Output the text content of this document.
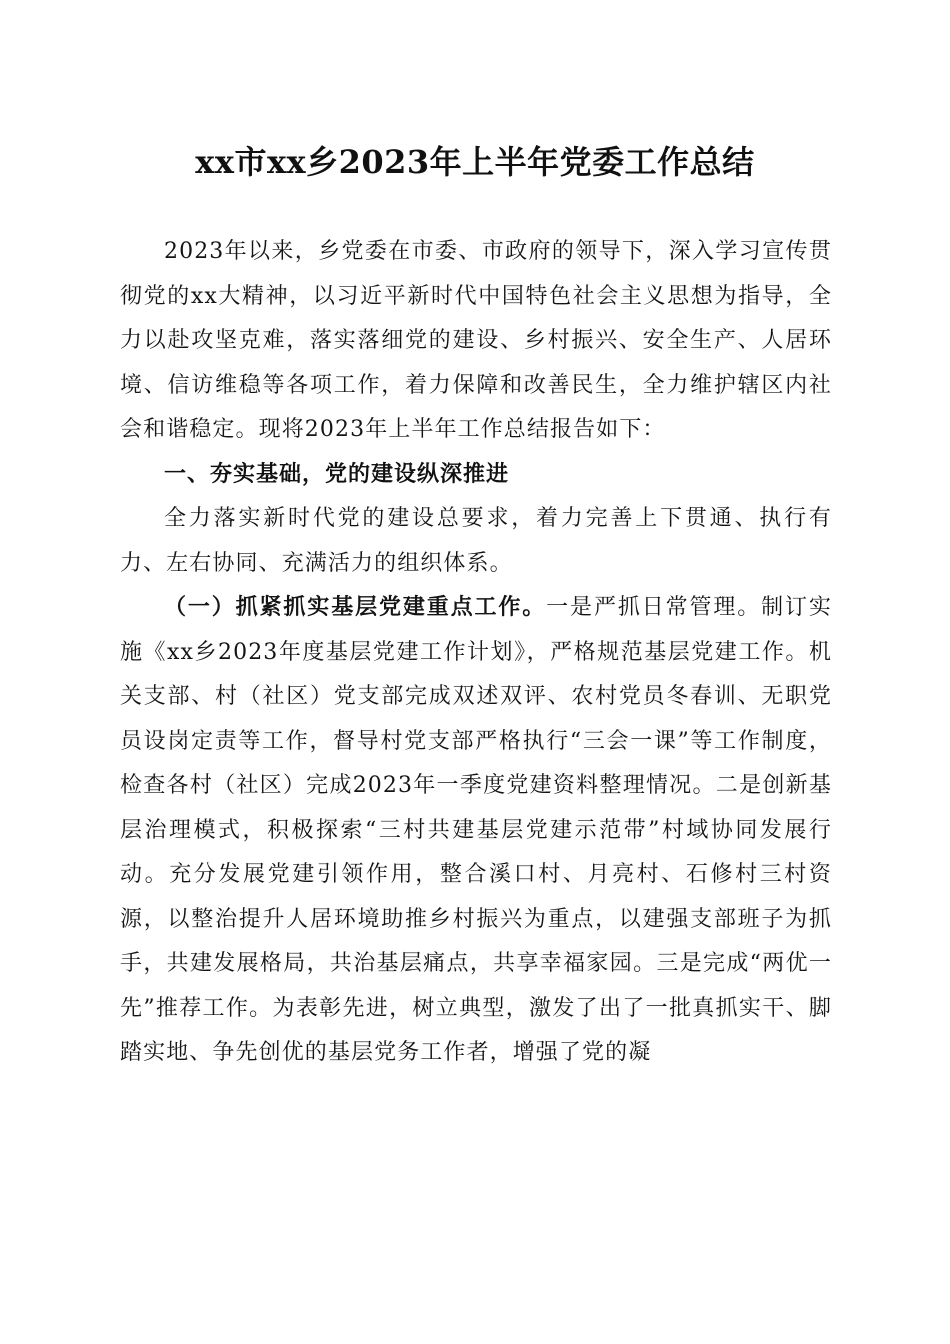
xx市xx乡2023年上半年党委工作总结

2023年以来，乡党委在市委、市政府的领导下，深入学习宣传贯彻党的xx大精神，以习近平新时代中国特色社会主义思想为指导，全力以赴攻坚克难，落实落细党的建设、乡村振兴、安全生产、人居环境、信访维稳等各项工作，着力保障和改善民生，全力维护辖区内社会和谐稳定。现将2023年上半年工作总结报告如下：

一、夯实基础，党的建设纵深推进

全力落实新时代党的建设总要求，着力完善上下贯通、执行有力、左右协同、充满活力的组织体系。

（一）抓紧抓实基层党建重点工作。一是严抓日常管理。制订实施《xx乡2023年度基层党建工作计划》，严格规范基层党建工作。机关支部、村（社区）党支部完成双述双评、农村党员冬春训、无职党员设岗定责等工作，督导村党支部严格执行“三会一课”等工作制度，检查各村（社区）完成2023年一季度党建资料整理情况。二是创新基层治理模式，积极探索“三村共建基层党建示范带”村域协同发展行动。充分发展党建引领作用，整合溪口村、月亮村、石修村三村资源，以整治提升人居环境助推乡村振兴为重点，以建强支部班子为抓手，共建发展格局，共治基层痛点，共享幸福家园。三是完成“两优一先”推荐工作。为表彰先进，树立典型，激发了出了一批真抓实干、脚踏实地、争先创优的基层党务工作者，增强了党的凝
